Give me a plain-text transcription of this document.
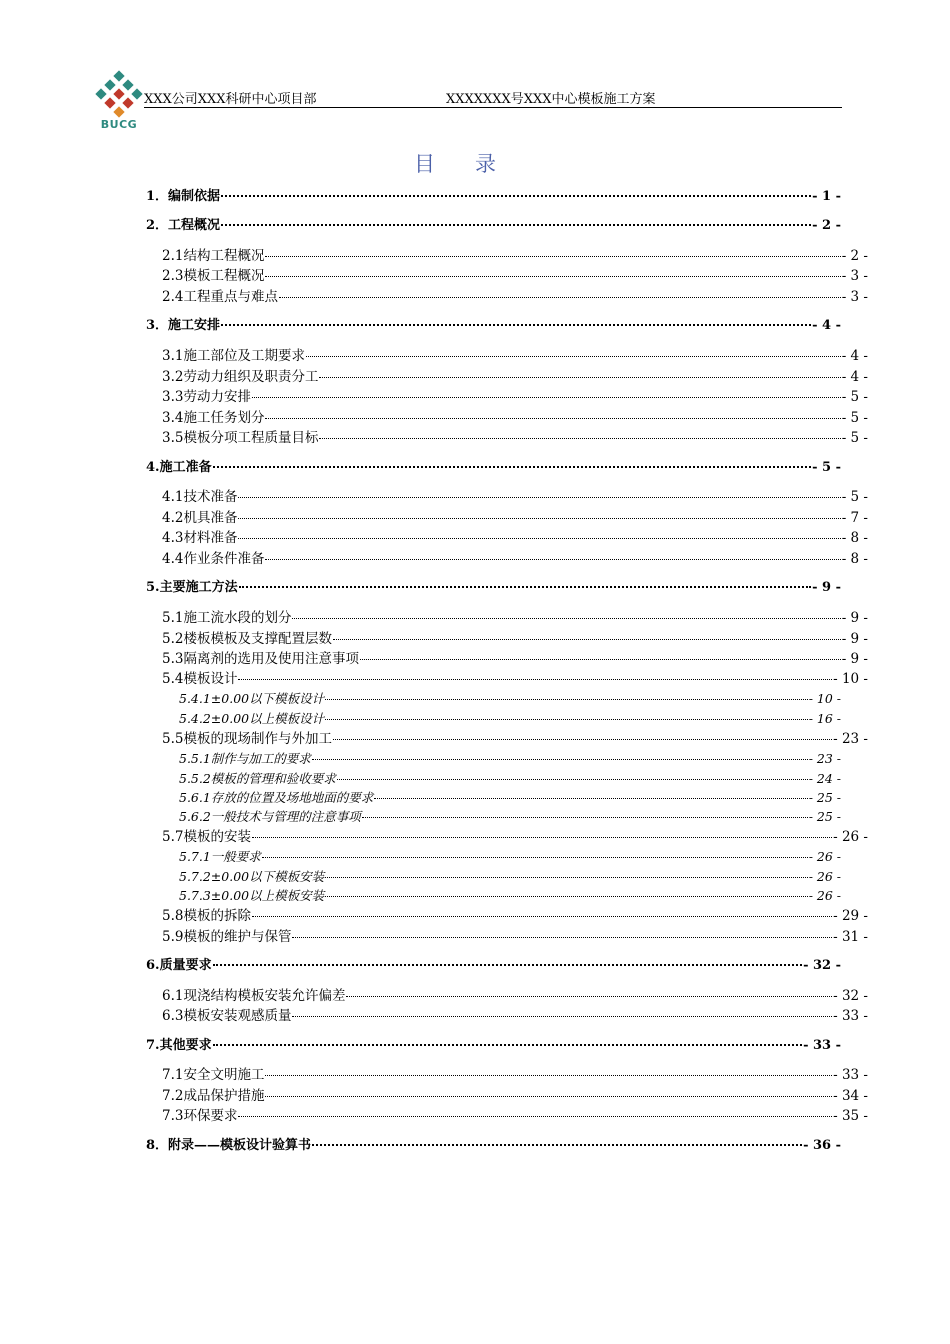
BUCG
XXX公司XXX科研中心项目部	XXXXXXX号XXX中心模板施工方案
目录
1．编制依据	- 1 -
2．工程概况	- 2 -
2.1结构工程概况	- 2 -
2.3模板工程概况	- 3 -
2.4工程重点与难点	- 3 -
3．施工安排	- 4 -
3.1施工部位及工期要求	- 4 -
3.2劳动力组织及职责分工	- 4 -
3.3劳动力安排	- 5 -
3.4施工任务划分	- 5 -
3.5模板分项工程质量目标	- 5 -
4.施工准备	- 5 -
4.1技术准备	- 5 -
4.2机具准备	- 7 -
4.3材料准备	- 8 -
4.4作业条件准备	- 8 -
5.主要施工方法	- 9 -
5.1施工流水段的划分	- 9 -
5.2楼板模板及支撑配置层数	- 9 -
5.3隔离剂的选用及使用注意事项	- 9 -
5.4模板设计	- 10 -
5.4.1±0.00以下模板设计	- 10 -
5.4.2±0.00以上模板设计	- 16 -
5.5模板的现场制作与外加工	- 23 -
5.5.1制作与加工的要求	- 23 -
5.5.2模板的管理和验收要求	- 24 -
5.6.1存放的位置及场地地面的要求	- 25 -
5.6.2一般技术与管理的注意事项	- 25 -
5.7模板的安装	- 26 -
5.7.1一般要求	- 26 -
5.7.2±0.00以下模板安装	- 26 -
5.7.3±0.00以上模板安装	- 26 -
5.8模板的拆除	- 29 -
5.9模板的维护与保管	- 31 -
6.质量要求	- 32 -
6.1现浇结构模板安装允许偏差	- 32 -
6.3模板安装观感质量	- 33 -
7.其他要求	- 33 -
7.1安全文明施工	- 33 -
7.2成品保护措施	- 34 -
7.3环保要求	- 35 -
8．附录——模板设计验算书	- 36 -
